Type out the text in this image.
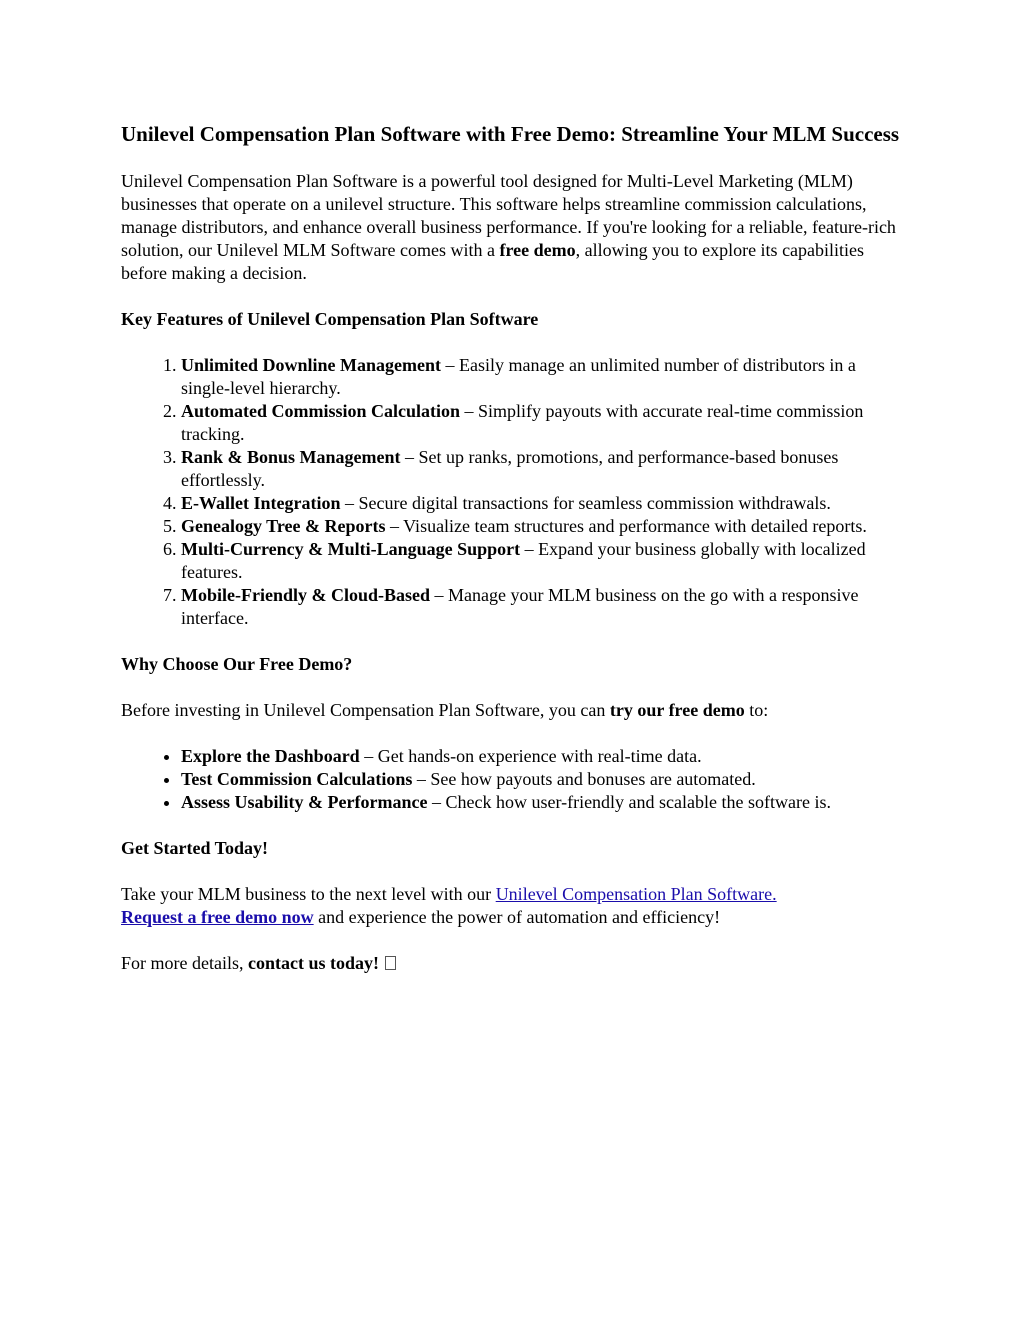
Unilevel Compensation Plan Software with Free Demo: Streamline Your MLM Success

Unilevel Compensation Plan Software is a powerful tool designed for Multi-Level Marketing (MLM) businesses that operate on a unilevel structure. This software helps streamline commission calculations, manage distributors, and enhance overall business performance. If you're looking for a reliable, feature-rich solution, our Unilevel MLM Software comes with a free demo, allowing you to explore its capabilities before making a decision.

Key Features of Unilevel Compensation Plan Software

1. Unlimited Downline Management – Easily manage an unlimited number of distributors in a single-level hierarchy.
2. Automated Commission Calculation – Simplify payouts with accurate real-time commission tracking.
3. Rank & Bonus Management – Set up ranks, promotions, and performance-based bonuses effortlessly.
4. E-Wallet Integration – Secure digital transactions for seamless commission withdrawals.
5. Genealogy Tree & Reports – Visualize team structures and performance with detailed reports.
6. Multi-Currency & Multi-Language Support – Expand your business globally with localized features.
7. Mobile-Friendly & Cloud-Based – Manage your MLM business on the go with a responsive interface.

Why Choose Our Free Demo?

Before investing in Unilevel Compensation Plan Software, you can try our free demo to:

• Explore the Dashboard – Get hands-on experience with real-time data.
• Test Commission Calculations – See how payouts and bonuses are automated.
• Assess Usability & Performance – Check how user-friendly and scalable the software is.

Get Started Today!

Take your MLM business to the next level with our Unilevel Compensation Plan Software.
Request a free demo now and experience the power of automation and efficiency!

For more details, contact us today!
